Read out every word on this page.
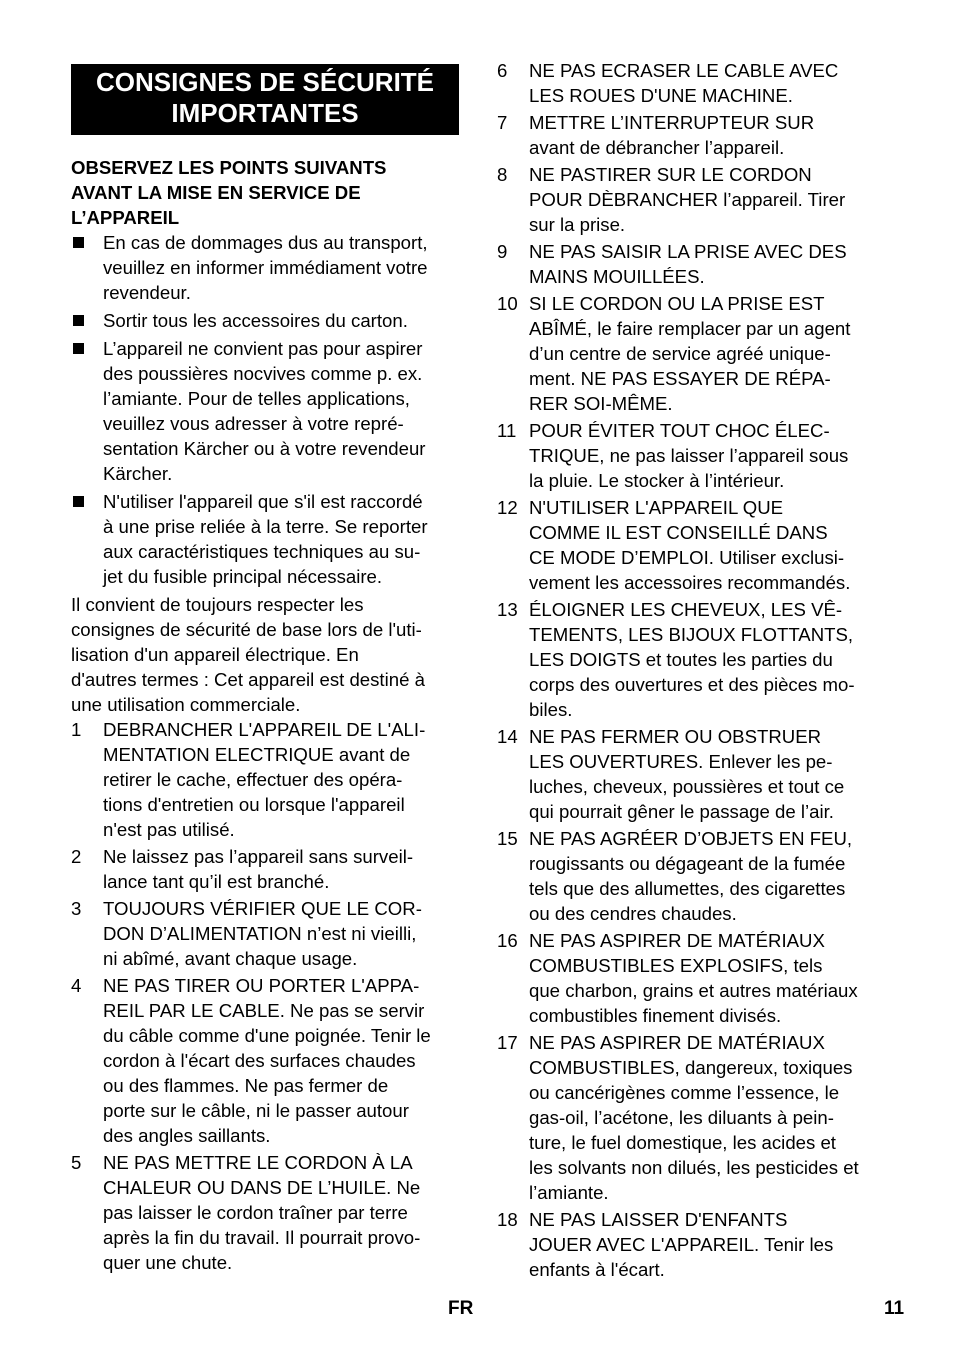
CONSIGNES DE SÉCURITÉ
IMPORTANTES
OBSERVEZ LES POINTS SUIVANTS
AVANT LA MISE EN SERVICE DE
L’APPAREIL
En cas de dommages dus au transport,
veuillez en informer immédiament votre
revendeur.
Sortir tous les accessoires du carton.
L’appareil ne convient pas pour aspirer
des poussières nocvives comme p. ex.
l’amiante. Pour de telles applications,
veuillez vous adresser à votre repré-
sentation Kärcher ou à votre revendeur
Kärcher.
N'utiliser l'appareil que s'il est raccordé
à une prise reliée à la terre. Se reporter
aux caractéristiques techniques au su-
jet du fusible principal nécessaire.
Il convient de toujours respecter les
consignes de sécurité de base lors de l'uti-
lisation d'un appareil électrique. En
d'autres termes : Cet appareil est destiné à
une utilisation commerciale.
1	DEBRANCHER L'APPAREIL DE L'ALI-
MENTATION ELECTRIQUE avant de
retirer le cache, effectuer des opéra-
tions d'entretien ou lorsque l'appareil
n'est pas utilisé.
2	Ne laissez pas l’appareil sans surveil-
lance tant qu’il est branché.
3	TOUJOURS VÉRIFIER QUE LE COR-
DON D’ALIMENTATION n’est ni vieilli,
ni abîmé, avant chaque usage.
4	NE PAS TIRER OU PORTER L'APPA-
REIL PAR LE CABLE. Ne pas se servir
du câble comme d'une poignée. Tenir le
cordon à l'écart des surfaces chaudes
ou des flammes. Ne pas fermer de
porte sur le câble, ni le passer autour
des angles saillants.
5	NE PAS METTRE LE CORDON À LA
CHALEUR OU DANS DE L’HUILE. Ne
pas laisser le cordon traîner par terre
après la fin du travail. Il pourrait provo-
quer une chute.
6	NE PAS ECRASER LE CABLE AVEC
LES ROUES D'UNE MACHINE.
7	METTRE L’INTERRUPTEUR SUR
avant de débrancher l’appareil.
8	NE PASTIRER SUR LE CORDON
POUR DÈBRANCHER l’appareil. Tirer
sur la prise.
9	NE PAS SAISIR LA PRISE AVEC DES
MAINS MOUILLÉES.
10 SI LE CORDON OU LA PRISE EST
ABÎMÉ, le faire remplacer par un agent
d’un centre de service agréé unique-
ment. NE PAS ESSAYER DE RÉPA-
RER SOI-MÊME.
11 POUR ÉVITER TOUT CHOC ÉLEC-
TRIQUE, ne pas laisser l’appareil sous
la pluie. Le stocker à l’intérieur.
12 N'UTILISER L'APPAREIL QUE
COMME IL EST CONSEILLÉ DANS
CE MODE D’EMPLOI. Utiliser exclusi-
vement les accessoires recommandés.
13 ÉLOIGNER LES CHEVEUX, LES VÊ-
TEMENTS, LES BIJOUX FLOTTANTS,
LES DOIGTS et toutes les parties du
corps des ouvertures et des pièces mo-
biles.
14 NE PAS FERMER OU OBSTRUER
LES OUVERTURES. Enlever les pe-
luches, cheveux, poussières et tout ce
qui pourrait gêner le passage de l’air.
15 NE PAS AGRÉER D’OBJETS EN FEU,
rougissants ou dégageant de la fumée
tels que des allumettes, des cigarettes
ou des cendres chaudes.
16 NE PAS ASPIRER DE MATÉRIAUX
COMBUSTIBLES EXPLOSIFS, tels
que charbon, grains et autres matériaux
combustibles finement divisés.
17 NE PAS ASPIRER DE MATÉRIAUX
COMBUSTIBLES, dangereux, toxiques
ou cancérigènes comme l’essence, le
gas-oil, l’acétone, les diluants à pein-
ture, le fuel domestique, les acides et
les solvants non dilués, les pesticides et
l’amiante.
18 NE PAS LAISSER D'ENFANTS
JOUER AVEC L'APPAREIL. Tenir les
enfants à l'écart.
FR	11
